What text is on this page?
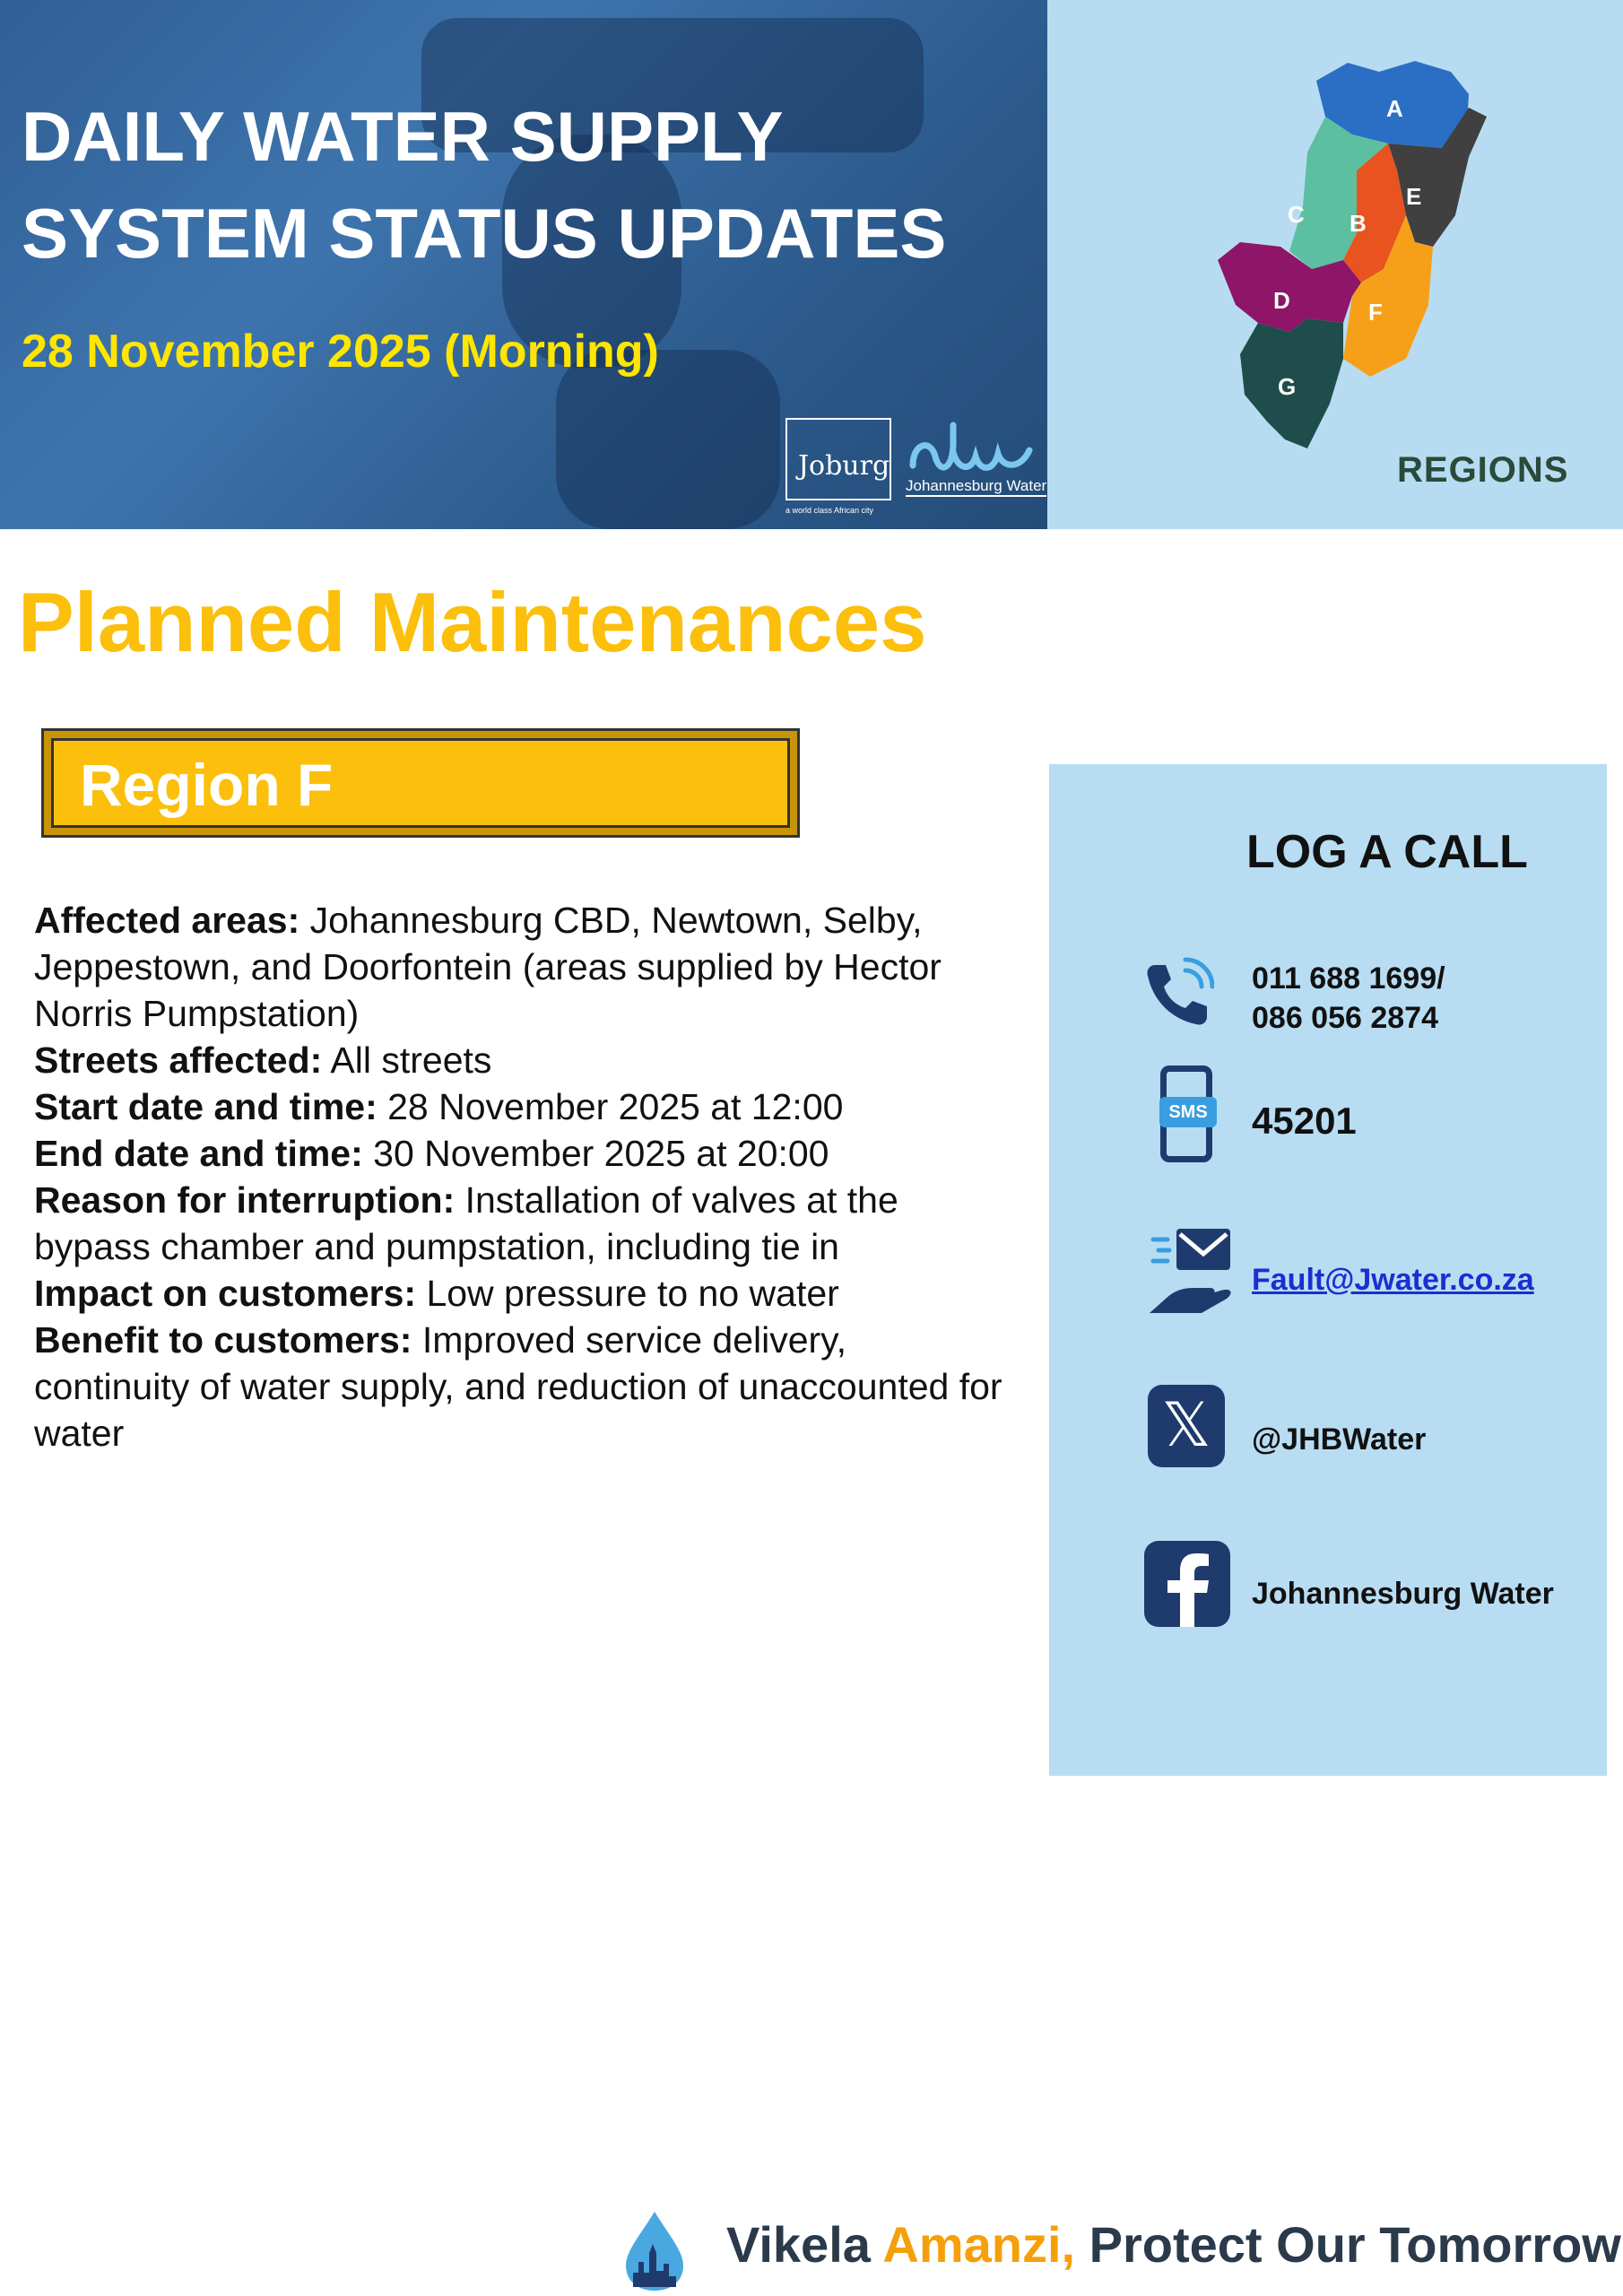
DAILY WATER SUPPLY
SYSTEM STATUS UPDATES
28 November 2025 (Morning)
Joburg
a world class African city
Johannesburg Water
A
E
C B
D	F
G
REGIONS
Planned Maintenances
Region F

Affected areas: Johannesburg CBD, Newtown, Selby, Jeppestown, and Doorfontein (areas supplied by Hector Norris Pumpstation)

Streets affected: All streets

Start date and time: 28 November 2025 at 12:00

End date and time: 30 November 2025 at 20:00

Reason for interruption: Installation of valves at the bypass chamber and pumpstation, including tie in

Impact on customers: Low pressure to no water

Benefit to customers: Improved service delivery, continuity of water supply, and reduction of unaccounted for water

LOG A CALL
011 688 1699/
086 056 2874
SMS 45201
Fault@Jwater.co.za
𝕏	@JHBWater
Johannesburg Water
Vikela Amanzi, Protect Our Tomorrow
